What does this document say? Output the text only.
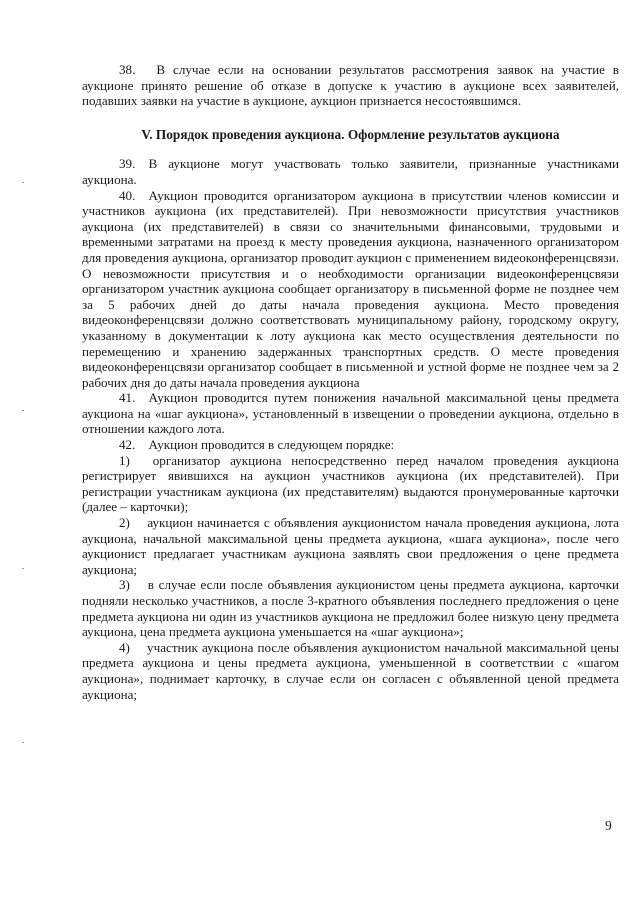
38.  В случае если на основании результатов рассмотрения заявок на участие в аукционе принято решение об отказе в допуске к участию в аукционе всех заявителей, подавших заявки на участие в аукционе, аукцион признается несостоявшимся.

V. Порядок проведения аукциона. Оформление результатов аукциона

39. В аукционе могут участвовать только заявители, признанные участниками аукциона.

40. Аукцион проводится организатором аукциона в присутствии членов комиссии и участников аукциона (их представителей). При невозможности присутствия участников аукциона (их представителей) в связи со значительными финансовыми, трудовыми и временными затратами на проезд к месту проведения аукциона, назначенного организатором для проведения аукциона, организатор проводит аукцион с применением видеоконференцсвязи. О невозможности присутствия и о необходимости организации видеоконференцсвязи организатором участник аукциона сообщает организатору в письменной форме не позднее чем за 5 рабочих дней до даты начала проведения аукциона. Место проведения видеоконференцсвязи должно соответствовать муниципальному району, городскому округу, указанному в документации к лоту аукциона как место осуществления деятельности по перемещению и хранению задержанных транспортных средств. О месте проведения видеоконференцсвязи организатор сообщает в письменной и устной форме не позднее чем за 2 рабочих дня до даты начала проведения аукциона

41. Аукцион проводится путем понижения начальной максимальной цены предмета аукциона на «шаг аукциона», установленный в извещении о проведении аукциона, отдельно в отношении каждого лота.

42. Аукцион проводится в следующем порядке:

1)  организатор аукциона непосредственно перед началом проведения аукциона регистрирует явившихся на аукцион участников аукциона (их представителей). При регистрации участникам аукциона (их представителям) выдаются пронумерованные карточки (далее – карточки);

2)  аукцион начинается с объявления аукционистом начала проведения аукциона, лота аукциона, начальной максимальной цены предмета аукциона, «шага аукциона», после чего аукционист предлагает участникам аукциона заявлять свои предложения о цене предмета аукциона;

3)  в случае если после объявления аукционистом цены предмета аукциона, карточки подняли несколько участников, а после 3-кратного объявления последнего предложения о цене предмета аукциона ни один из участников аукциона не предложил более низкую цену предмета аукциона, цена предмета аукциона уменьшается на «шаг аукциона»;

4)  участник аукциона после объявления аукционистом начальной максимальной цены предмета аукциона и цены предмета аукциона, уменьшенной в соответствии с «шагом аукциона», поднимает карточку, в случае если он согласен с объявленной ценой предмета аукциона;

9
